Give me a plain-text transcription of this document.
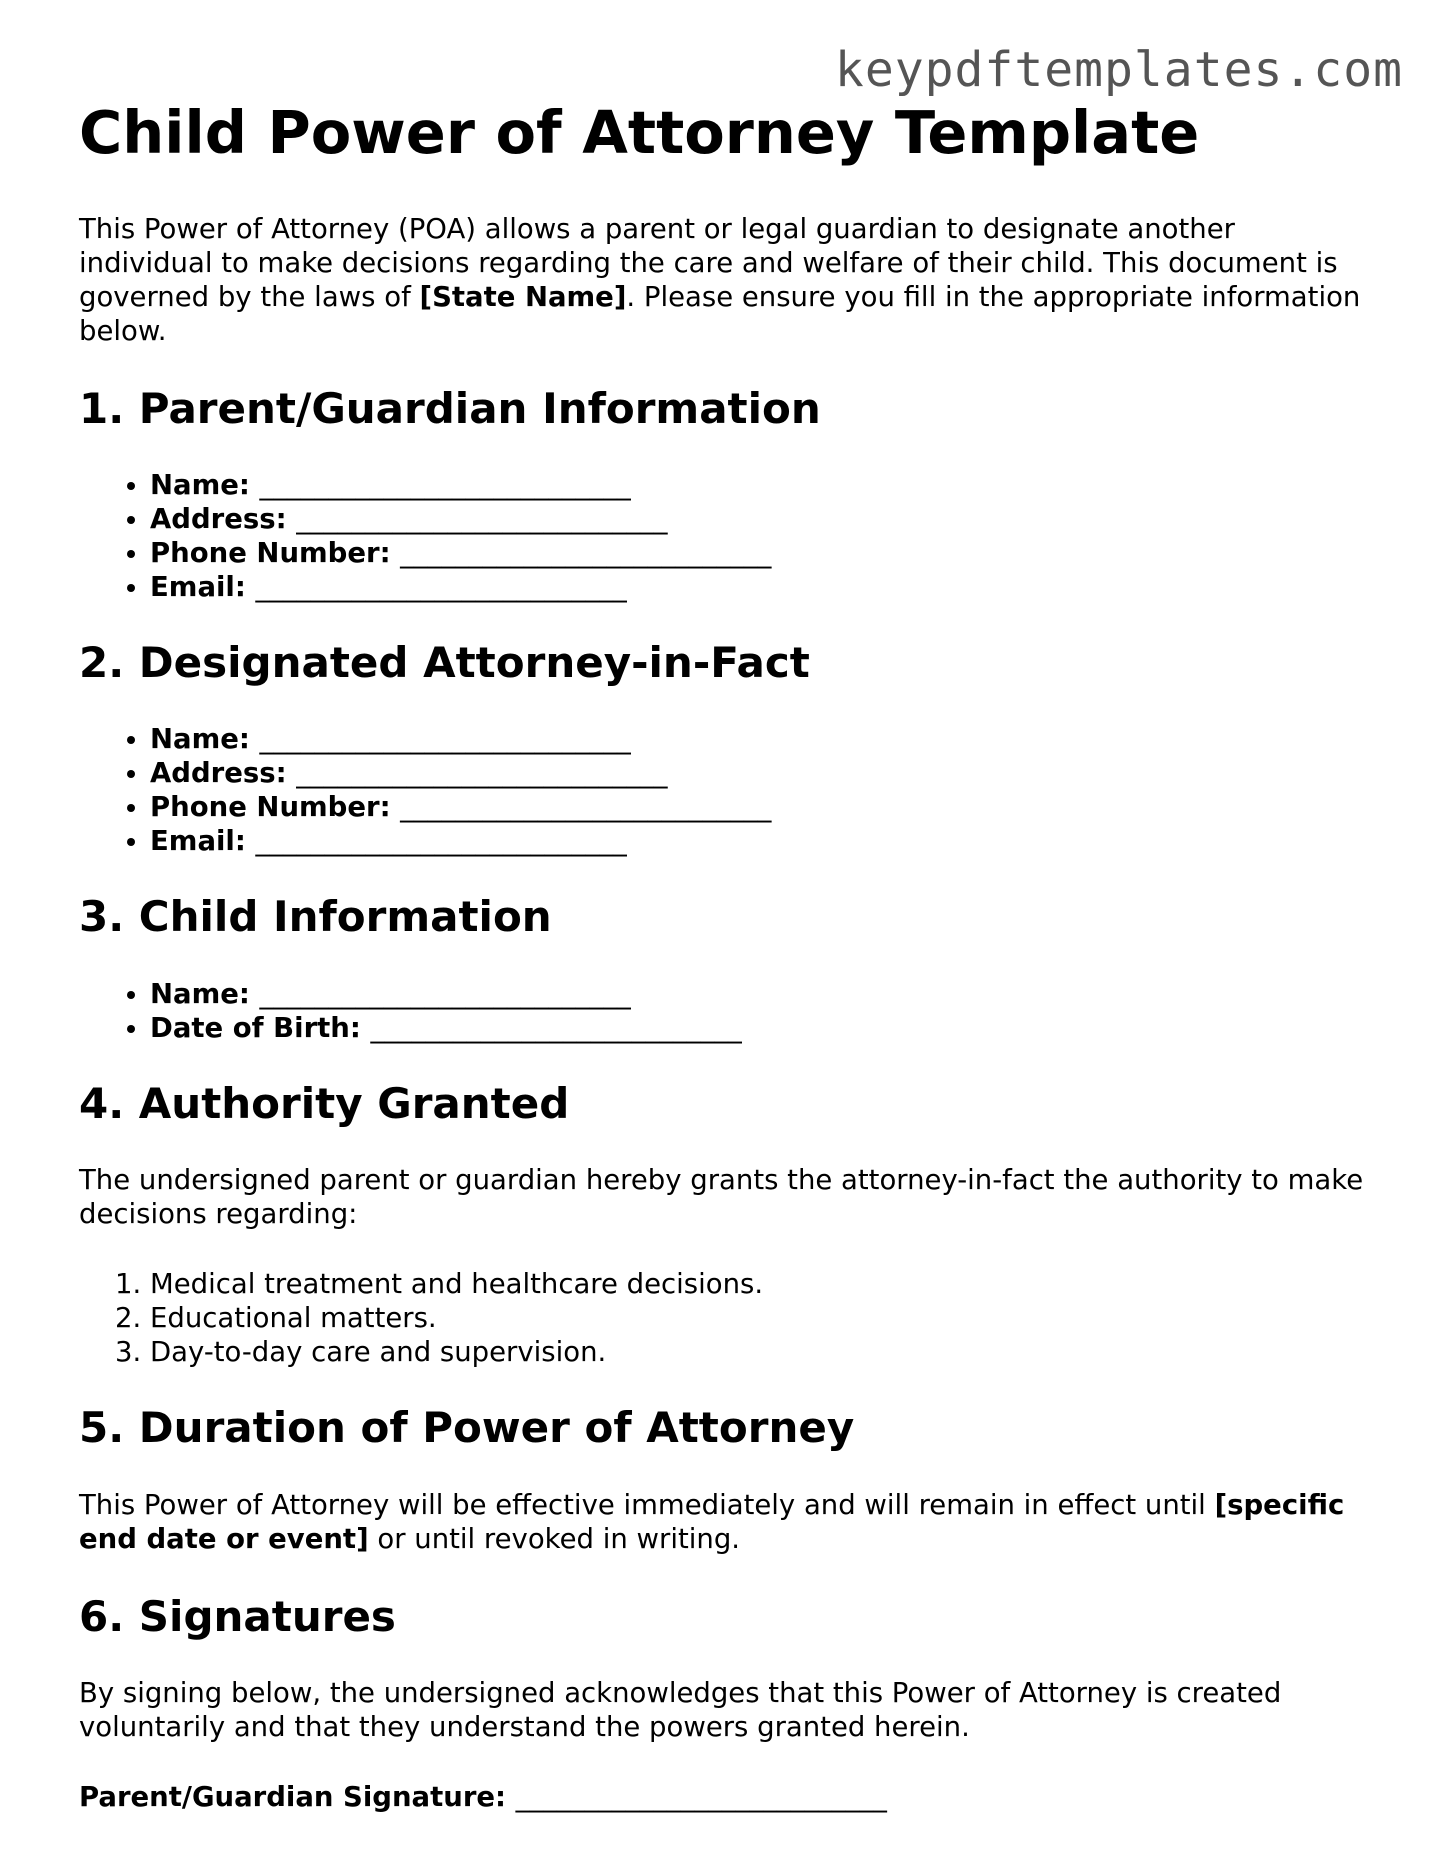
keypdftemplates.com
Child Power of Attorney Template

This Power of Attorney (POA) allows a parent or legal guardian to designate another individual to make decisions regarding the care and welfare of their child. This document is governed by the laws of [State Name]. Please ensure you fill in the appropriate information below.

1. Parent/Guardian Information
• Name: ___________________________
• Address: ___________________________
• Phone Number: ___________________________
• Email: ___________________________
2. Designated Attorney-in-Fact
• Name: ___________________________
• Address: ___________________________
• Phone Number: ___________________________
• Email: ___________________________
3. Child Information
• Name: ___________________________
• Date of Birth: ___________________________
4. Authority Granted

The undersigned parent or guardian hereby grants the attorney-in-fact the authority to make decisions regarding:

1. Medical treatment and healthcare decisions.
2. Educational matters.
3. Day-to-day care and supervision.
5. Duration of Power of Attorney

This Power of Attorney will be effective immediately and will remain in effect until [specific end date or event] or until revoked in writing.

6. Signatures

By signing below, the undersigned acknowledges that this Power of Attorney is created voluntarily and that they understand the powers granted herein.

Parent/Guardian Signature: ___________________________
